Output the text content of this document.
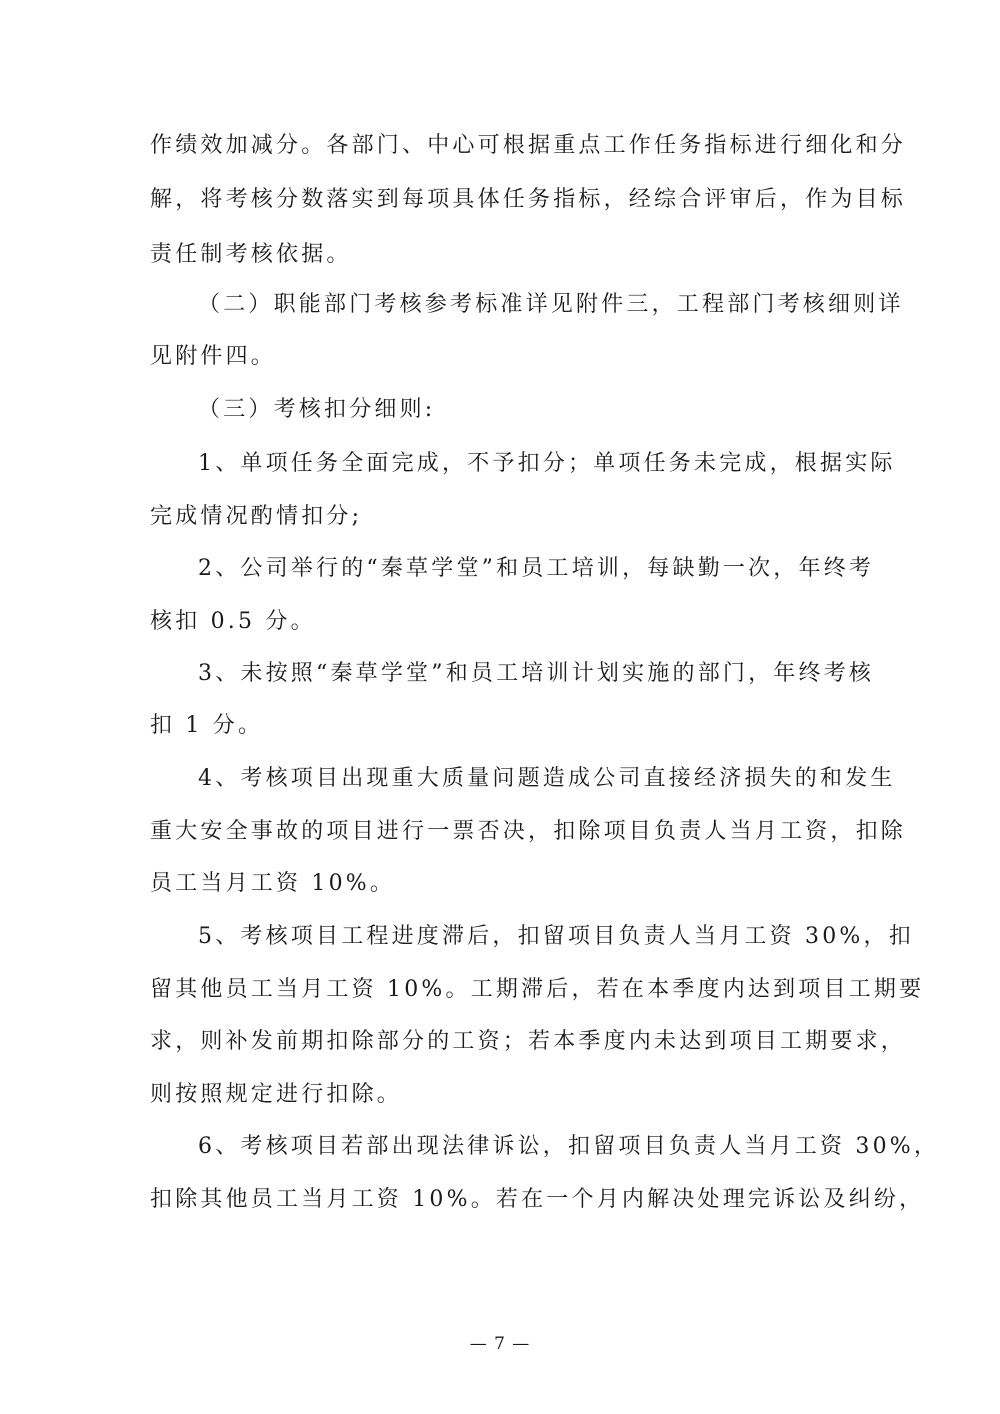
作绩效加减分。各部门、中心可根据重点工作任务指标进行细化和分
解，将考核分数落实到每项具体任务指标，经综合评审后，作为目标
责任制考核依据。
（二）职能部门考核参考标准详见附件三，工程部门考核细则详
见附件四。
（三）考核扣分细则:
1、单项任务全面完成，不予扣分；单项任务未完成，根据实际
完成情况酌情扣分;
2、公司举行的“秦草学堂”和员工培训，每缺勤一次，年终考
核扣 0.5 分。
3、未按照“秦草学堂”和员工培训计划实施的部门，年终考核
扣 1 分。
4、考核项目出现重大质量问题造成公司直接经济损失的和发生
重大安全事故的项目进行一票否决，扣除项目负责人当月工资，扣除
员工当月工资 10%。
5、考核项目工程进度滞后，扣留项目负责人当月工资 30%，扣
留其他员工当月工资 10%。工期滞后，若在本季度内达到项目工期要
求，则补发前期扣除部分的工资；若本季度内未达到项目工期要求，
则按照规定进行扣除。
6、考核项目若部出现法律诉讼，扣留项目负责人当月工资 30%，
扣除其他员工当月工资 10%。若在一个月内解决处理完诉讼及纠纷，
— 7 —
